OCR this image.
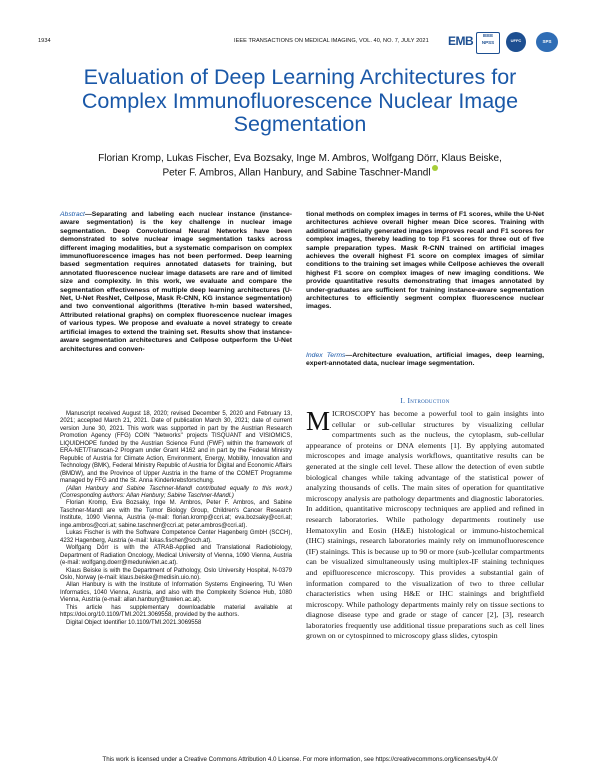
1934	IEEE TRANSACTIONS ON MEDICAL IMAGING, VOL. 40, NO. 7, JULY 2021 EMB	IEEE
NPSS	UFFC	SPS
Evaluation of Deep Learning Architectures for Complex Immunofluorescence Nuclear Image Segmentation
Florian Kromp, Lukas Fischer, Eva Bozsaky, Inge M. Ambros, Wolfgang Dörr, Klaus Beiske,
Peter F. Ambros, Allan Hanbury, and Sabine Taschner-Mandl

Abstract—Separating and labeling each nuclear instance (instance-aware segmentation) is the key challenge in nuclear image segmentation. Deep Convolutional Neural Networks have been demonstrated to solve nuclear image segmentation tasks across different imaging modalities, but a systematic comparison on complex immunofluorescence images has not been performed. Deep learning based segmentation requires annotated datasets for training, but annotated fluorescence nuclear image datasets are rare and of limited size and complexity. In this work, we evaluate and compare the segmentation effectiveness of multiple deep learning architectures (U-Net, U-Net ResNet, Cellpose, Mask R-CNN, KG instance segmentation) and two conventional algorithms (Iterative h-min based watershed, Attributed relational graphs) on complex fluorescence nuclear images of various types. We propose and evaluate a novel strategy to create artificial images to extend the training set. Results show that instance-aware segmentation architectures and Cellpose outperform the U-Net architectures and conven-

tional methods on complex images in terms of F1 scores, while the U-Net architectures achieve overall higher mean Dice scores. Training with additional artificially generated images improves recall and F1 scores for complex images, thereby leading to top F1 scores for three out of five sample preparation types. Mask R-CNN trained on artificial images achieves the overall highest F1 score on complex images of similar conditions to the training set images while Cellpose achieves the overall highest F1 score on complex images of new imaging conditions. We provide quantitative results demonstrating that images annotated by under-graduates are sufficient for training instance-aware segmentation architectures to efficiently segment complex fluorescence nuclear images.

Index Terms—Architecture evaluation, artificial images, deep learning, expert-annotated data, nuclear image segmentation.

I. Introduction

MICROSCOPY has become a powerful tool to gain insights into cellular or sub-cellular structures by visualizing cellular compartments such as the nucleus, the cytoplasm, sub-cellular appearance of proteins or DNA elements [1]. By applying automated microscopes and image analysis workflows, quantitative results can be generated at the single cell level. These allow the detection of even subtle biological changes while taking advantage of the statistical power of analyzing thousands of cells. The main sites of operation for quantitative microscopy analysis are pathology departments and diagnostic laboratories. In addition, quantitative microscopy techniques are applied and refined in research laboratories. While pathology departments routinely use Hematoxylin and Eosin (H&E) histological or immuno-histochemical (IHC) stainings, research laboratories mainly rely on immunofluorescence (IF) stainings. This is because up to 90 or more (sub-)cellular compartments can be visualized simultaneously using multiplex-IF staining techniques and epifluorescence microscopy. This provides a substantial gain of information compared to the visualization of two to three cellular characteristics when using H&E or IHC stainings and brightfield microscopy. While pathology departments mainly rely on tissue sections to diagnose disease type and grade or stage of cancer [2], [3], research laboratories frequently use additional tissue preparations such as cell lines grown on or cytospinned to microscopy glass slides, cytospin

Manuscript received August 18, 2020; revised December 5, 2020 and February 13, 2021; accepted March 21, 2021. Date of publication March 30, 2021; date of current version June 30, 2021. This work was supported in part by the Austrian Research Promotion Agency (FFG) COIN "Networks" projects TISQUANT and VISIOMICS, LIQUIDHOPE funded by the Austrian Science Fund (FWF) within the framework of ERA-NET/Transcan-2 Program under Grant I4162 and in part by the Federal Ministry Republic of Austria for Climate Action, Environment, Energy, Mobility, Innovation and Technology (BMK), Federal Ministry Republic of Austria for Digital and Economic Affairs (BMDW), and the Province of Upper Austria in the frame of the COMET Programme managed by FFG and the St. Anna Kinderkrebsforschung.

(Allan Hanbury and Sabine Taschner-Mandl contributed equally to this work.) (Corresponding authors: Allan Hanbury; Sabine Taschner-Mandl.)

Florian Kromp, Eva Bozsaky, Inge M. Ambros, Peter F. Ambros, and Sabine Taschner-Mandl are with the Tumor Biology Group, Children's Cancer Research Institute, 1090 Vienna, Austria (e-mail: florian.kromp@ccri.at; eva.bozsaky@ccri.at; inge.ambros@ccri.at; sabine.taschner@ccri.at; peter.ambros@ccri.at).

Lukas Fischer is with the Software Competence Center Hagenberg GmbH (SCCH), 4232 Hagenberg, Austria (e-mail: lukas.fischer@scch.at).

Wolfgang Dörr is with the ATRAB-Applied and Translational Radiobiology, Department of Radiation Oncology, Medical University of Vienna, 1090 Vienna, Austria (e-mail: wolfgang.doerr@meduniwien.ac.at).

Klaus Beiske is with the Department of Pathology, Oslo University Hospital, N-0379 Oslo, Norway (e-mail: klaus.beiske@medisin.uio.no).

Allan Hanbury is with the Institute of Information Systems Engineering, TU Wien Informatics, 1040 Vienna, Austria, and also with the Complexity Science Hub, 1080 Vienna, Austria (e-mail: allan.hanbury@tuwien.ac.at).

This article has supplementary downloadable material available at https://doi.org/10.1109/TMI.2021.3069558, provided by the authors.

Digital Object Identifier 10.1109/TMI.2021.3069558

This work is licensed under a Creative Commons Attribution 4.0 License. For more information, see https://creativecommons.org/licenses/by/4.0/
